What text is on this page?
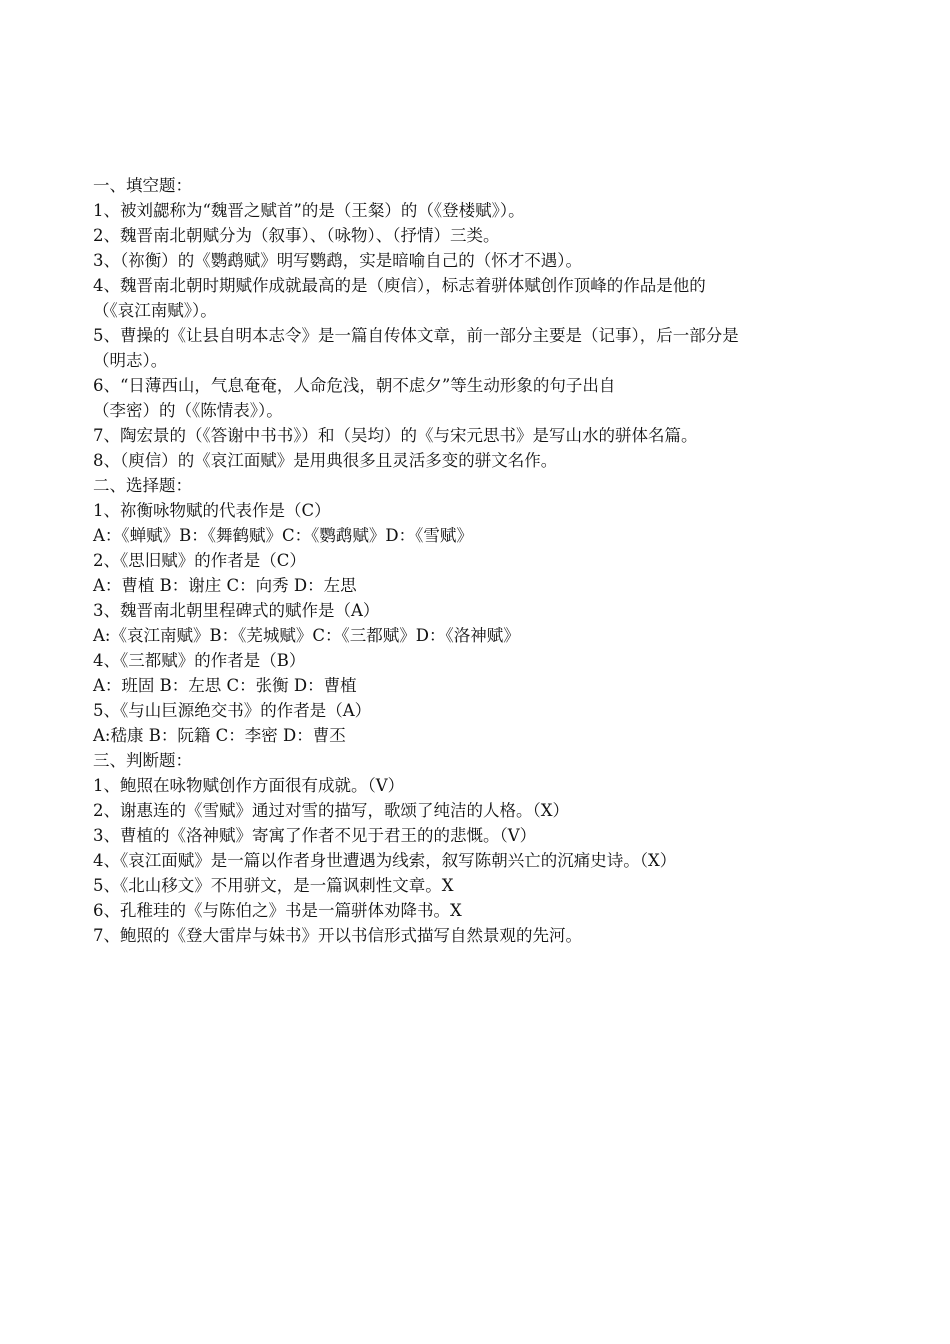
一、填空题：
1、被刘勰称为“魏晋之赋首”的是（王粲）的（《登楼赋》）。
2、魏晋南北朝赋分为（叙事）、（咏物）、（抒情）三类。
3、（祢衡）的《鹦鹉赋》明写鹦鹉，实是暗喻自己的（怀才不遇）。
4、魏晋南北朝时期赋作成就最高的是（庾信），标志着骈体赋创作顶峰的作品是他的
（《哀江南赋》）。
5、曹操的《让县自明本志令》是一篇自传体文章，前一部分主要是（记事），后一部分是
（明志）。
6、“日薄西山，气息奄奄，人命危浅，朝不虑夕”等生动形象的句子出自
（李密）的（《陈情表》）。
7、陶宏景的（《答谢中书书》）和（吴均）的《与宋元思书》是写山水的骈体名篇。
8、（庾信）的《哀江面赋》是用典很多且灵活多变的骈文名作。
二、选择题：
1、祢衡咏物赋的代表作是（C）
A：《蝉赋》B：《舞鹤赋》C：《鹦鹉赋》D：《雪赋》
2、《思旧赋》的作者是（C）
A：曹植 B：谢庄 C：向秀 D：左思
3、魏晋南北朝里程碑式的赋作是（A）
A:《哀江南赋》B：《芜城赋》C：《三都赋》D：《洛神赋》
4、《三都赋》的作者是（B）
A：班固 B：左思 C：张衡 D：曹植
5、《与山巨源绝交书》的作者是（A）
A:嵇康 B：阮籍 C：李密 D：曹丕
三、判断题：
1、鲍照在咏物赋创作方面很有成就。（V）
2、谢惠连的《雪赋》通过对雪的描写，歌颂了纯洁的人格。（X）
3、曹植的《洛神赋》寄寓了作者不见于君王的的悲慨。（V）
4、《哀江面赋》是一篇以作者身世遭遇为线索，叙写陈朝兴亡的沉痛史诗。（X）
5、《北山移文》不用骈文，是一篇讽刺性文章。X
6、孔稚珪的《与陈伯之》书是一篇骈体劝降书。X
7、鲍照的《登大雷岸与妹书》开以书信形式描写自然景观的先河。
